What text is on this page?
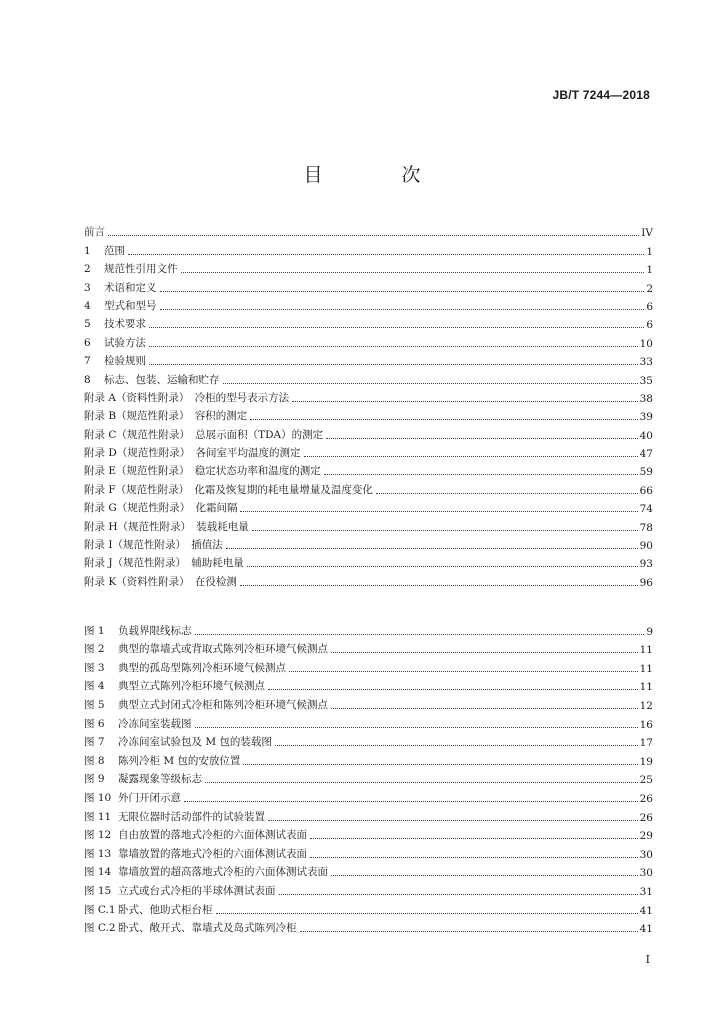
JB/T 7244—2018
目　次
前言	IV
1 范围	1
2 规范性引用文件	1
3 术语和定义	2
4 型式和型号	6
5 技术要求	6
6 试验方法	10
7 检验规则	33
8 标志、包装、运输和贮存	35
附录 A（资料性附录）　冷柜的型号表示方法	38
附录 B（规范性附录）　容积的测定	39
附录 C（规范性附录）　总展示面积（TDA）的测定	40
附录 D（规范性附录）　各间室平均温度的测定	47
附录 E（规范性附录）　稳定状态功率和温度的测定	59
附录 F（规范性附录）　化霜及恢复期的耗电量增量及温度变化	66
附录 G（规范性附录）　化霜间隔	74
附录 H（规范性附录）　装载耗电量	78
附录 I（规范性附录）　插值法	90
附录 J（规范性附录）　辅助耗电量	93
附录 K（资料性附录）　在役检测	96
图 1 负载界限线标志	9
图 2 典型的靠墙式或背取式陈列冷柜环境气候测点	11
图 3 典型的孤岛型陈列冷柜环境气候测点	11
图 4 典型立式陈列冷柜环境气候测点	11
图 5 典型立式封闭式冷柜和陈列冷柜环境气候测点	12
图 6 冷冻间室装载图	16
图 7 冷冻间室试验包及 M 包的装载图	17
图 8 陈列冷柜 M 包的安放位置	19
图 9 凝露现象等级标志	25
图 10 外门开闭示意	26
图 11 无限位器时活动部件的试验装置	26
图 12 自由放置的落地式冷柜的六面体测试表面	29
图 13 靠墙放置的落地式冷柜的六面体测试表面	30
图 14 靠墙放置的超高落地式冷柜的六面体测试表面	30
图 15 立式或台式冷柜的半球体测试表面	31
图 C.1 卧式、他助式柜台柜	41
图 C.2 卧式、敞开式、靠墙式及岛式陈列冷柜	41
I
